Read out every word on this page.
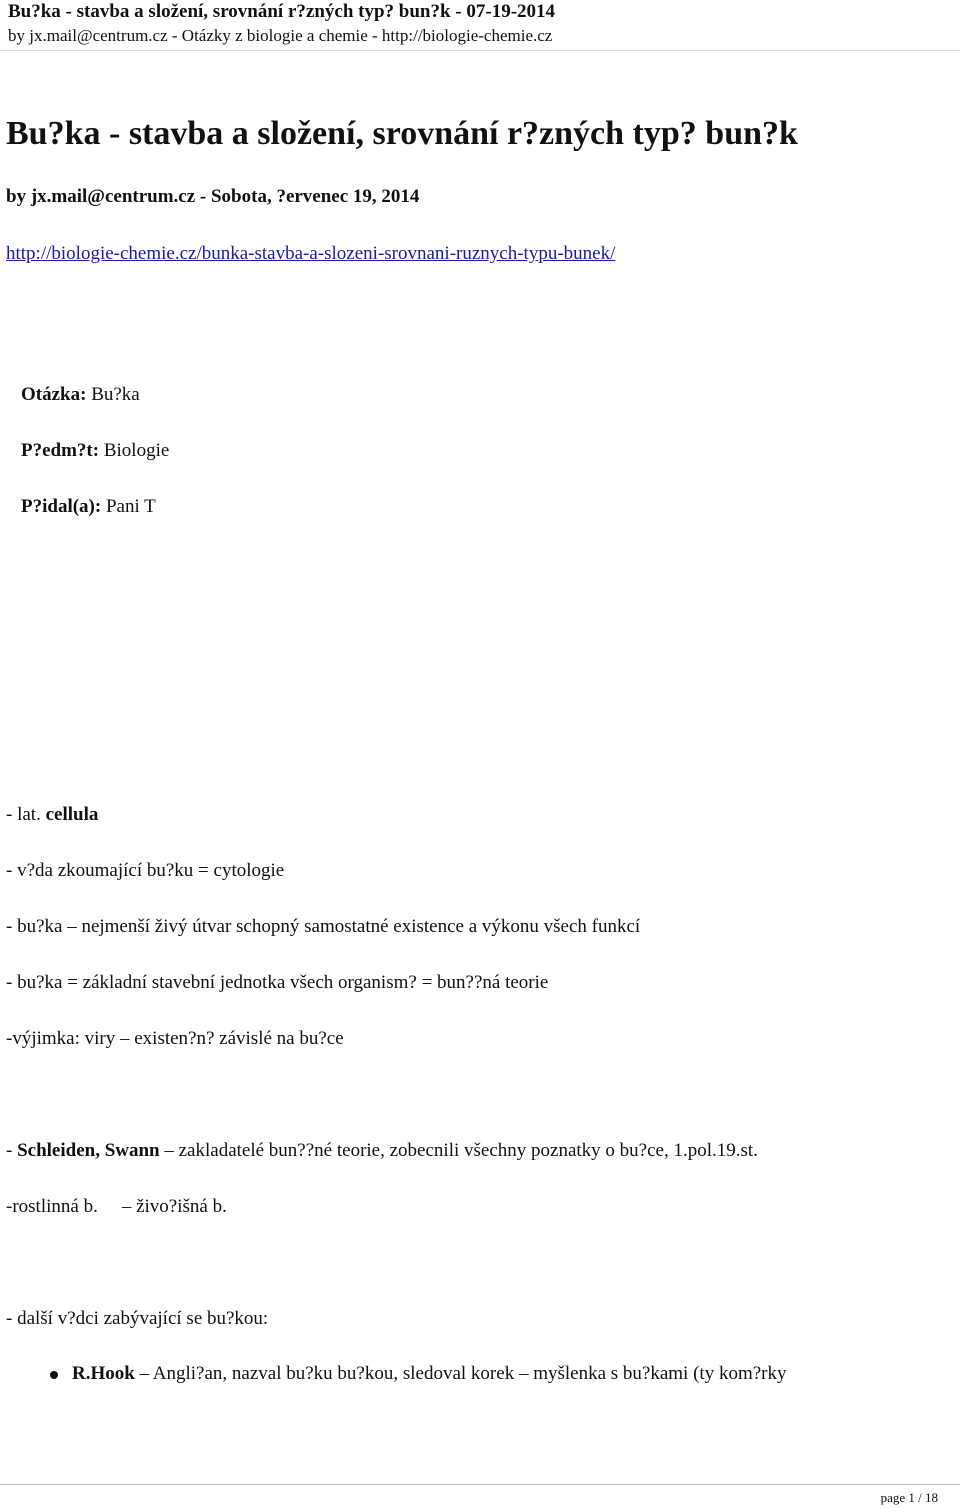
Bu?ka - stavba a složení, srovnání r?zných typ? bun?k - 07-19-2014
by jx.mail@centrum.cz - Otázky z biologie a chemie - http://biologie-chemie.cz
Bu?ka - stavba a složení, srovnání r?zných typ? bun?k
by jx.mail@centrum.cz - Sobota, ?ervenec 19, 2014
http://biologie-chemie.cz/bunka-stavba-a-slozeni-srovnani-ruznych-typu-bunek/
Otázka: Bu?ka
P?edm?t: Biologie
P?idal(a): Pani T
- lat. cellula
- v?da zkoumající bu?ku = cytologie
- bu?ka – nejmenší živý útvar schopný samostatné existence a výkonu všech funkcí
- bu?ka = základní stavební jednotka všech organism? = bun??ná teorie
-výjimka: viry – existen?n? závislé na bu?ce
- Schleiden, Swann – zakladatelé bun??né teorie, zobecnili všechny poznatky o bu?ce, 1.pol.19.st.
-rostlinná b. – živo?išná b.
- další v?dci zabývající se bu?kou:
R.Hook – Angli?an, nazval bu?ku bu?kou, sledoval korek – myšlenka s bu?kami (ty kom?rky
page 1 / 18
